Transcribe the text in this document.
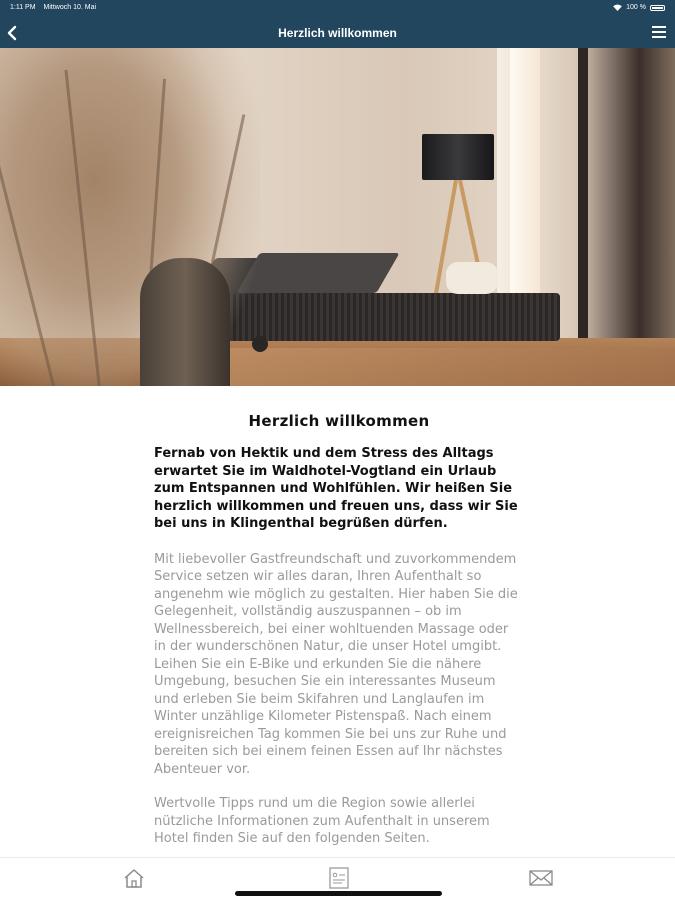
1:11 PM Mittwoch 10. Mai	100 %
Herzlich willkommen
Herzlich willkommen

Fernab von Hektik und dem Stress des Alltags erwartet Sie im Waldhotel-Vogtland ein Urlaub zum Entspannen und Wohlfühlen. Wir heißen Sie herzlich willkommen und freuen uns, dass wir Sie bei uns in Klingenthal begrüßen dürfen.

Mit liebevoller Gastfreundschaft und zuvorkommendem Service setzen wir alles daran, Ihren Aufenthalt so angenehm wie möglich zu gestalten. Hier haben Sie die Gelegenheit, vollständig auszuspannen – ob im Wellnessbereich, bei einer wohltuenden Massage oder in der wunderschönen Natur, die unser Hotel umgibt. Leihen Sie ein E-Bike und erkunden Sie die nähere Umgebung, besuchen Sie ein interessantes Museum und erleben Sie beim Skifahren und Langlaufen im Winter unzählige Kilometer Pistenspaß. Nach einem ereignisreichen Tag kommen Sie bei uns zur Ruhe und bereiten sich bei einem feinen Essen auf Ihr nächstes Abenteuer vor.

Wertvolle Tipps rund um die Region sowie allerlei nützliche Informationen zum Aufenthalt in unserem Hotel finden Sie auf den folgenden Seiten.
